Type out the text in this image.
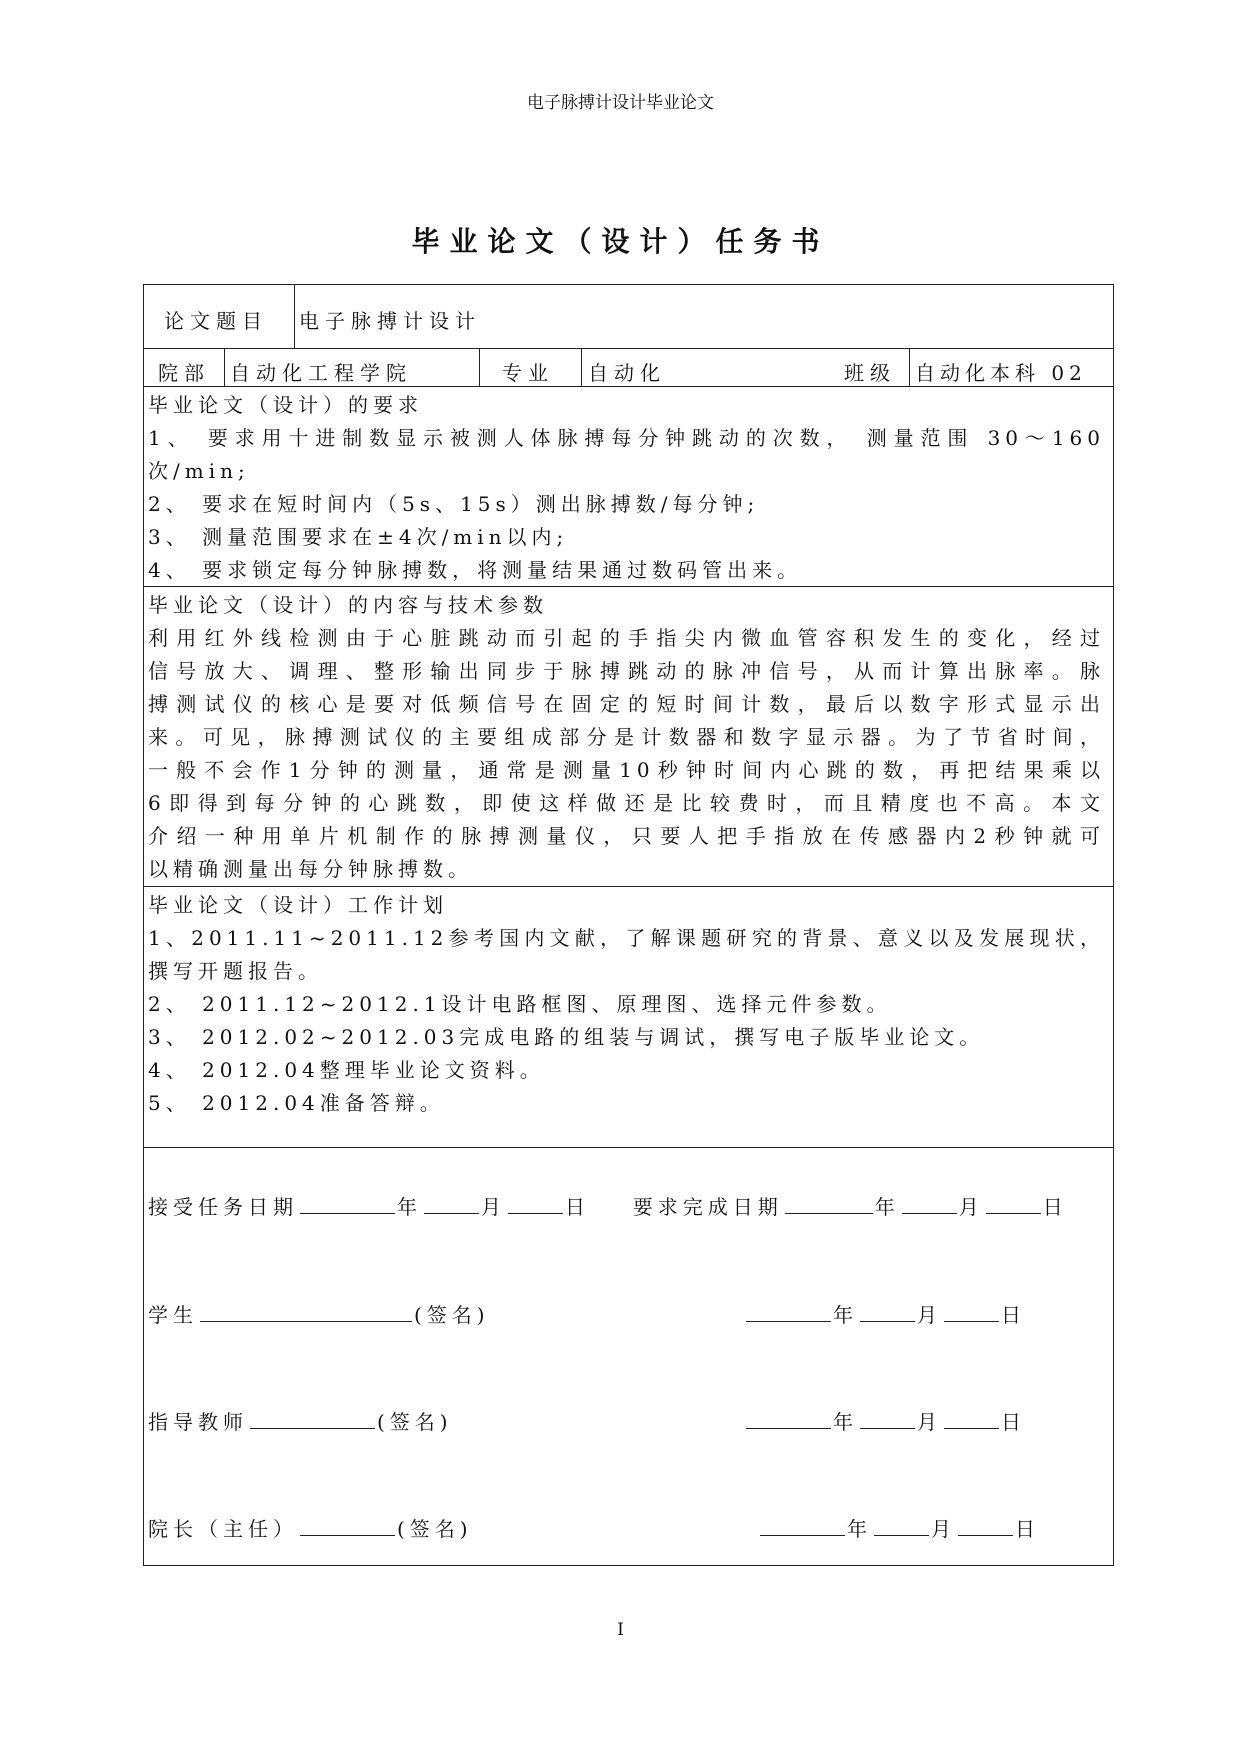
电子脉搏计设计毕业论文
毕业论文（设计）任务书
论文题目 电子脉搏计设计
院部 自动化工程学院	专业 自动化	班级 自动化本科 02
毕业论文（设计）的要求
1、 要求用十进制数显示被测人体脉搏每分钟跳动的次数， 测量范围 30～160
次/min;
2、 要求在短时间内（5s、15s）测出脉搏数/每分钟;
3、 测量范围要求在±4次/min以内;
4、 要求锁定每分钟脉搏数，将测量结果通过数码管出来。
毕业论文（设计）的内容与技术参数
利用红外线检测由于心脏跳动而引起的手指尖内微血管容积发生的变化，经过
信号放大、调理、整形输出同步于脉搏跳动的脉冲信号，从而计算出脉率。脉
搏测试仪的核心是要对低频信号在固定的短时间计数，最后以数字形式显示出
来。可见，脉搏测试仪的主要组成部分是计数器和数字显示器。为了节省时间，
一般不会作1分钟的测量，通常是测量10秒钟时间内心跳的数，再把结果乘以
6即得到每分钟的心跳数，即使这样做还是比较费时，而且精度也不高。本文
介绍一种用单片机制作的脉搏测量仪，只要人把手指放在传感器内2秒钟就可
以精确测量出每分钟脉搏数。
毕业论文（设计）工作计划
1、2011.11~2011.12参考国内文献，了解课题研究的背景、意义以及发展现状，
撰写开题报告。
2、 2011.12~2012.1设计电路框图、原理图、选择元件参数。
3、 2012.02~2012.03完成电路的组装与调试，撰写电子版毕业论文。
4、 2012.04整理毕业论文资料。
5、 2012.04准备答辩。
接受任务日期	年	月	日 要求完成日期	年	月	日
学生	(签名)	年	月	日
指导教师	(签名)	年	月	日
院长（主任）	(签名)	年	月	日
I
